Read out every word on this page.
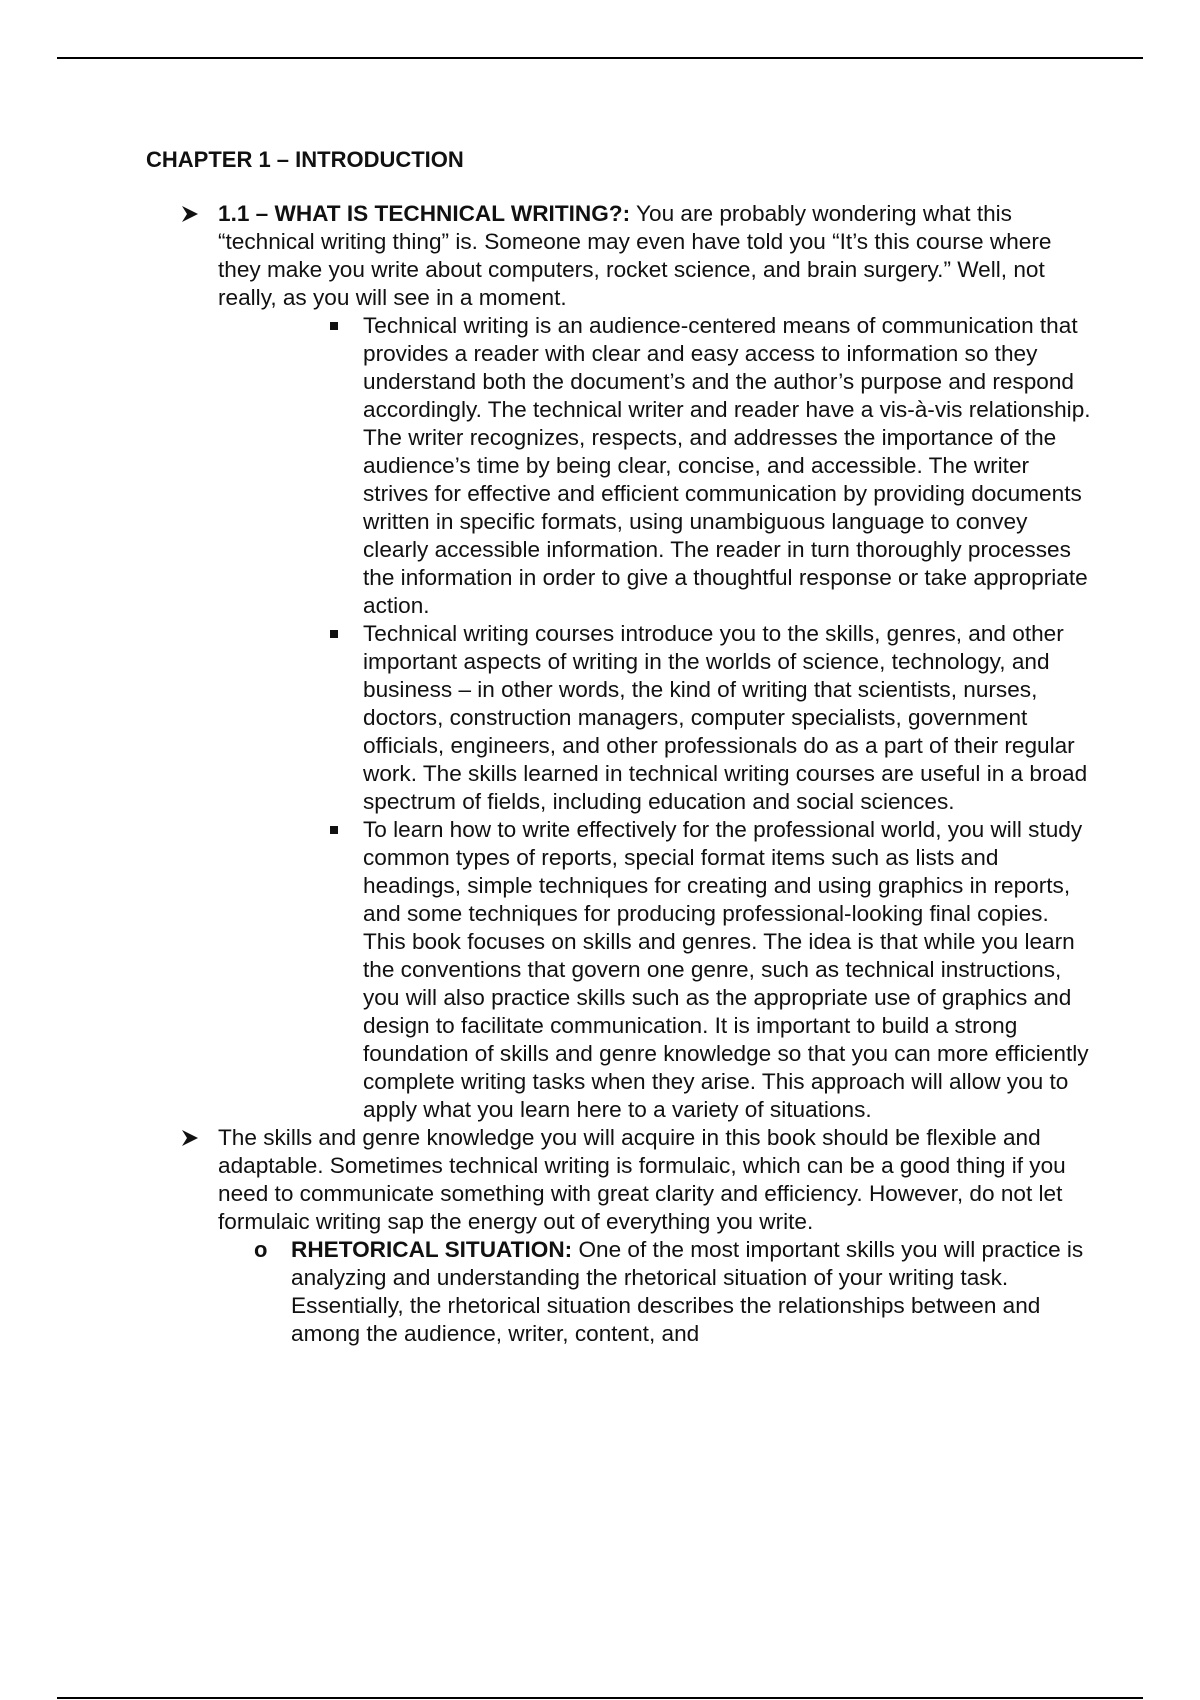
CHAPTER 1 – INTRODUCTION
1.1 – WHAT IS TECHNICAL WRITING?: You are probably wondering what this “technical writing thing” is. Someone may even have told you “It’s this course where they make you write about computers, rocket science, and brain surgery.” Well, not really, as you will see in a moment.
Technical writing is an audience-centered means of communication that provides a reader with clear and easy access to information so they understand both the document’s and the author’s purpose and respond accordingly. The technical writer and reader have a vis-à-vis relationship. The writer recognizes, respects, and addresses the importance of the audience’s time by being clear, concise, and accessible. The writer strives for effective and efficient communication by providing documents written in specific formats, using unambiguous language to convey clearly accessible information. The reader in turn thoroughly processes the information in order to give a thoughtful response or take appropriate action.
Technical writing courses introduce you to the skills, genres, and other important aspects of writing in the worlds of science, technology, and business – in other words, the kind of writing that scientists, nurses, doctors, construction managers, computer specialists, government officials, engineers, and other professionals do as a part of their regular work. The skills learned in technical writing courses are useful in a broad spectrum of fields, including education and social sciences.
To learn how to write effectively for the professional world, you will study common types of reports, special format items such as lists and headings, simple techniques for creating and using graphics in reports, and some techniques for producing professional-looking final copies. This book focuses on skills and genres. The idea is that while you learn the conventions that govern one genre, such as technical instructions, you will also practice skills such as the appropriate use of graphics and design to facilitate communication. It is important to build a strong foundation of skills and genre knowledge so that you can more efficiently complete writing tasks when they arise. This approach will allow you to apply what you learn here to a variety of situations.
The skills and genre knowledge you will acquire in this book should be flexible and adaptable. Sometimes technical writing is formulaic, which can be a good thing if you need to communicate something with great clarity and efficiency. However, do not let formulaic writing sap the energy out of everything you write.
o RHETORICAL SITUATION: One of the most important skills you will practice is analyzing and understanding the rhetorical situation of your writing task. Essentially, the rhetorical situation describes the relationships between and among the audience, writer, content, and
